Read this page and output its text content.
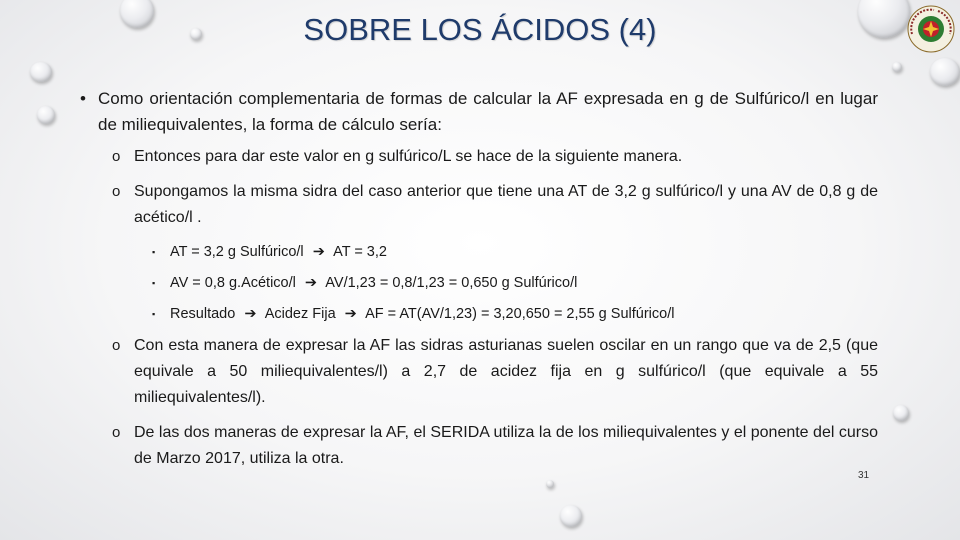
SOBRE LOS ÁCIDOS (4)

• Como orientación complementaria de formas de calcular la AF expresada en g de Sulfúrico/l en lugar de miliequivalentes, la forma de cálculo sería:

o Entonces para dar este valor en g sulfúrico/L se hace de la siguiente manera.

o Supongamos la misma sidra del caso anterior que tiene una AT de 3,2 g sulfúrico/l y una AV de 0,8 g de acético/l .

▪ AT = 3,2 g Sulfúrico/l ➔ AT = 3,2

▪ AV = 0,8 g.Acético/l ➔ AV/1,23 = 0,8/1,23 = 0,650 g Sulfúrico/l

▪ Resultado ➔ Acidez Fija ➔ AF = AT(AV/1,23) = 3,20,650 = 2,55 g Sulfúrico/l

o Con esta manera de expresar la AF las sidras asturianas suelen oscilar en un rango que va de 2,5 (que equivale a 50 miliequivalentes/l) a 2,7 de acidez fija en g sulfúrico/l (que equivale a 55 miliequivalentes/l).

o De las dos maneras de expresar la AF, el SERIDA utiliza la de los miliequivalentes y el ponente del curso de Marzo 2017, utiliza la otra.

31
